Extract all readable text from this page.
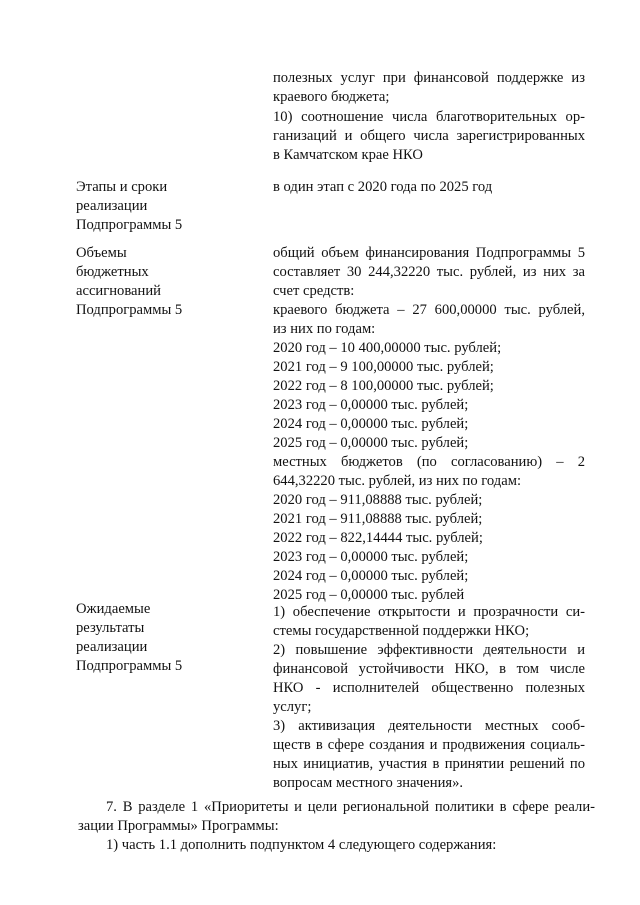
полезных услуг при финансовой поддержке из
краевого бюджета;
10) соотношение числа благотворительных ор-
ганизаций и общего числа зарегистрированных
в Камчатском крае НКО
Этапы и сроки
реализации
Подпрограммы 5
в один этап с 2020 года по 2025 год
Объемы
бюджетных
ассигнований
Подпрограммы 5
общий объем финансирования Подпрограммы 5
составляет 30 244,32220 тыс. рублей, из них за
счет средств:
краевого бюджета – 27 600,00000 тыс. рублей,
из них по годам:
2020 год – 10 400,00000 тыс. рублей;
2021 год – 9 100,00000 тыс. рублей;
2022 год – 8 100,00000 тыс. рублей;
2023 год – 0,00000 тыс. рублей;
2024 год – 0,00000 тыс. рублей;
2025 год – 0,00000 тыс. рублей;
местных бюджетов (по согласованию) – 2
644,32220 тыс. рублей, из них по годам:
2020 год – 911,08888 тыс. рублей;
2021 год – 911,08888 тыс. рублей;
2022 год – 822,14444 тыс. рублей;
2023 год – 0,00000 тыс. рублей;
2024 год – 0,00000 тыс. рублей;
2025 год – 0,00000 тыс. рублей
Ожидаемые
результаты
реализации
Подпрограммы 5
1) обеспечение открытости и прозрачности си-
стемы государственной поддержки НКО;
2) повышение эффективности деятельности и
финансовой устойчивости НКО, в том числе
НКО - исполнителей общественно полезных
услуг;
3) активизация деятельности местных сооб-
ществ в сфере создания и продвижения социаль-
ных инициатив, участия в принятии решений по
вопросам местного значения».
7. В разделе 1 «Приоритеты и цели региональной политики в сфере реали-
зации Программы» Программы:
1) часть 1.1 дополнить подпунктом 4 следующего содержания:
